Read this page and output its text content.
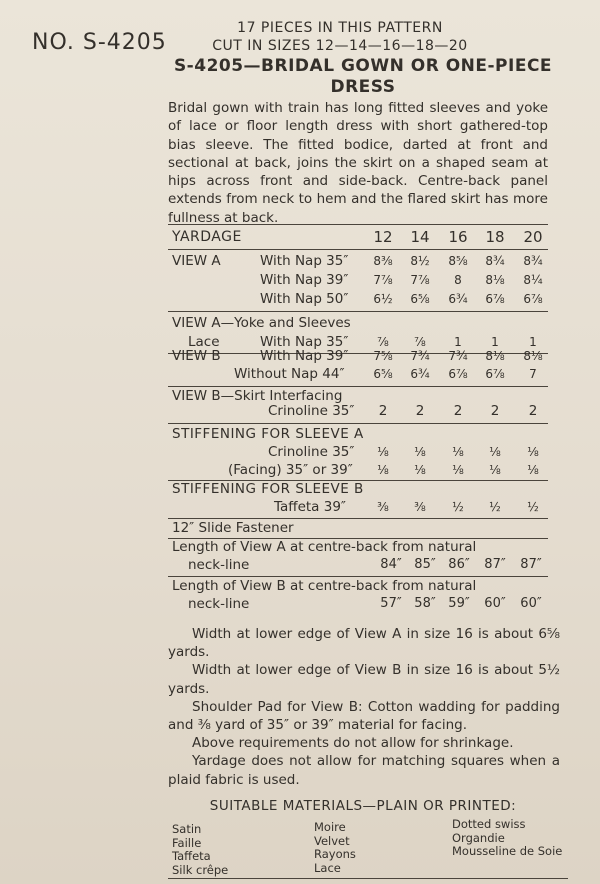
NO. S-4205
17 PIECES IN THIS PATTERN
CUT IN SIZES 12—14—16—18—20
S-4205—BRIDAL GOWN OR ONE-PIECE
DRESS
Bridal gown with train has long fitted sleeves and yoke of lace or floor length dress with short gathered-top bias sleeve. The fitted bodice, darted at front and sectional at back, joins the skirt on a shaped seam at hips across front and side-back. Centre-back panel extends from neck to hem and the flared skirt has more fullness at back.
YARDAGE	12	14	16	18	20
VIEW A	With Nap 35″	8⅜	8½	8⅝	8¾	8¾
With Nap 39″	7⅞	7⅞	8	8⅛	8¼
With Nap 50″	6½	6⅝	6¾	6⅞	6⅞
VIEW A—Yoke and Sleeves
Lace	With Nap 35″	⅞	⅞	1	1	1
VIEW B	With Nap 39″	7⅝	7¾	7¾	8⅛	8⅛
Without Nap 44″	6⅝	6¾	6⅞	6⅞	7
VIEW B—Skirt Interfacing
Crinoline 35″	2	2	2	2	2
STIFFENING FOR SLEEVE A
Crinoline 35″	⅛	⅛	⅛	⅛	⅛
(Facing) 35″ or 39″	⅛	⅛	⅛	⅛	⅛
STIFFENING FOR SLEEVE B
Taffeta 39″	⅜	⅜	½	½	½
12″ Slide Fastener
Length of View A at centre-back from natural
neck-line	84″ 85″ 86″	87″	87″
Length of View B at centre-back from natural
neck-line	57″ 58″ 59″	60″	60″

Width at lower edge of View A in size 16 is about 6⅝ yards.

Width at lower edge of View B in size 16 is about 5½ yards.

Shoulder Pad for View B: Cotton wadding for padding and ⅜ yard of 35″ or 39″ material for facing.

Above requirements do not allow for shrinkage.

Yardage does not allow for matching squares when a plaid fabric is used.

SUITABLE MATERIALS—PLAIN OR PRINTED:
Satin
Faille
Taffeta
Silk crêpe
Moire
Velvet
Rayons
Lace
Dotted swiss
Organdie
Mousseline de Soie
